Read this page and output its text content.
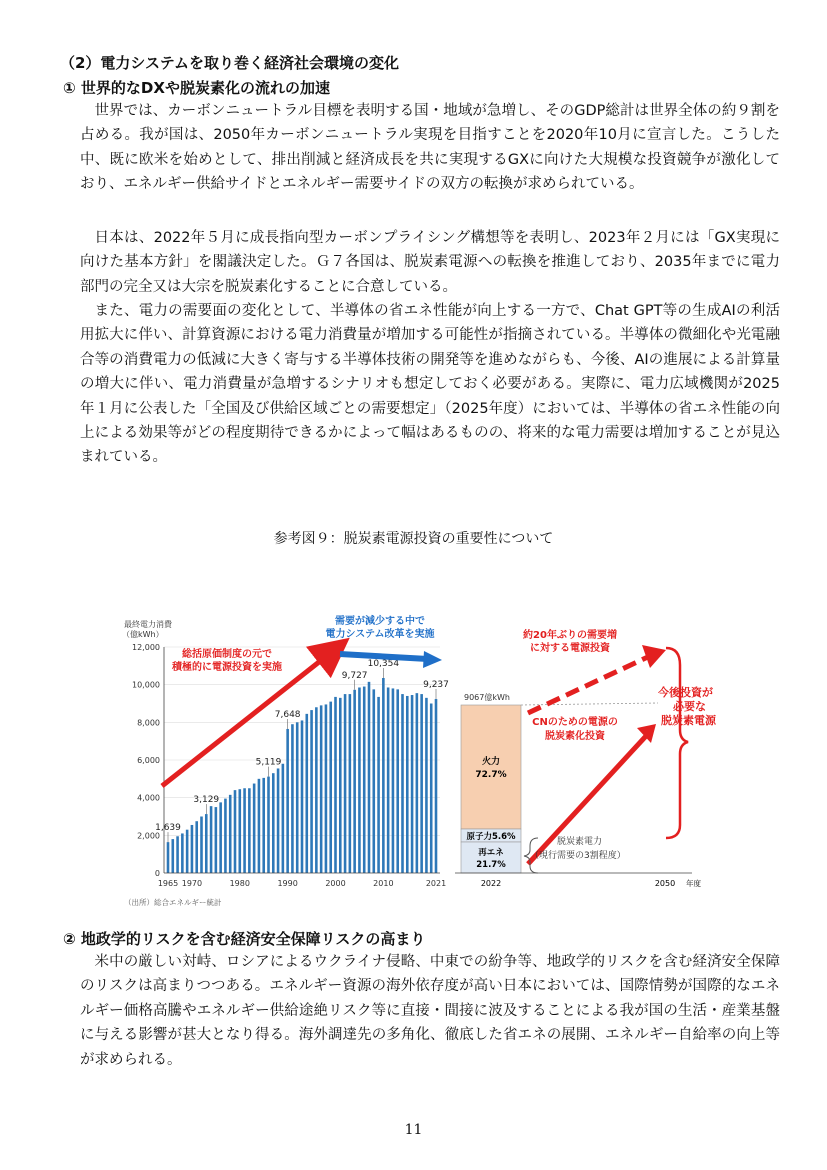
（2）電力システムを取り巻く経済社会環境の変化
① 世界的なDXや脱炭素化の流れの加速

世界では、カーボンニュートラル目標を表明する国・地域が急増し、そのGDP総計は世界全体の約９割を占める。我が国は、2050年カーボンニュートラル実現を目指すことを2020年10月に宣言した。こうした中、既に欧米を始めとして、排出削減と経済成長を共に実現するGXに向けた大規模な投資競争が激化しており、エネルギー供給サイドとエネルギー需要サイドの双方の転換が求められている。

日本は、2022年５月に成長指向型カーボンプライシング構想等を表明し、2023年２月には「GX実現に向けた基本方針」を閣議決定した。Ｇ７各国は、脱炭素電源への転換を推進しており、2035年までに電力部門の完全又は大宗を脱炭素化することに合意している。

また、電力の需要面の変化として、半導体の省エネ性能が向上する一方で、Chat GPT等の生成AIの利活用拡大に伴い、計算資源における電力消費量が増加する可能性が指摘されている。半導体の微細化や光電融合等の消費電力の低減に大きく寄与する半導体技術の開発等を進めながらも、今後、AIの進展による計算量の増大に伴い、電力消費量が急増するシナリオも想定しておく必要がある。実際に、電力広域機関が2025年１月に公表した「全国及び供給区域ごとの需要想定」（2025年度）においては、半導体の省エネ性能の向上による効果等がどの程度期待できるかによって幅はあるものの、将来的な電力需要は増加することが見込まれている。

参考図９：脱炭素電源投資の重要性について
最終電力消費
（億kWh）
0
2,000
4,000
6,000
8,000
10,000
12,000
1965 1970	1980	1990	2000	2010	2021
1,639
3,129
5,119
7,648
9,727
10,354
9,237
総括原価制度の元で
積極的に電源投資を実施
需要が減少する中で
電力システム改革を実施
（出所）総合エネルギー統計
9067億kWh
火力
72.7%
原子力5.6%
再エネ
21.7%
2022	2050 年度
約20年ぶりの需要増
に対する電源投資
CNのための電源の
脱炭素化投資
今後投資が
必要な
脱炭素電源
脱炭素電力
（現行需要の3割程度）
② 地政学的リスクを含む経済安全保障リスクの高まり

米中の厳しい対峙、ロシアによるウクライナ侵略、中東での紛争等、地政学的リスクを含む経済安全保障のリスクは高まりつつある。エネルギー資源の海外依存度が高い日本においては、国際情勢が国際的なエネルギー価格高騰やエネルギー供給途絶リスク等に直接・間接に波及することによる我が国の生活・産業基盤に与える影響が甚大となり得る。海外調達先の多角化、徹底した省エネの展開、エネルギー自給率の向上等が求められる。

11
